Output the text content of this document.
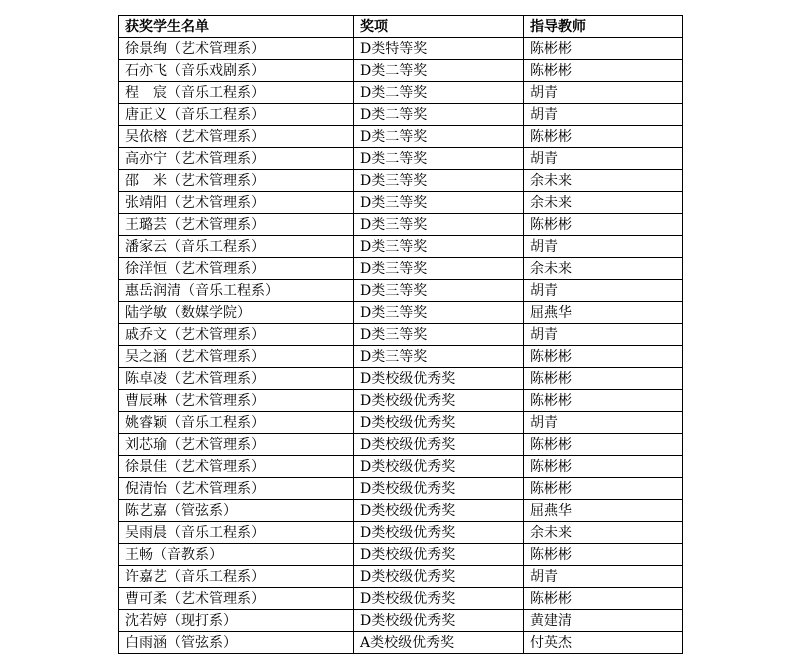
获奖学生名单	奖项	指导教师
徐景绚（艺术管理系）	D类特等奖	陈彬彬
石亦飞（音乐戏剧系）	D类二等奖	陈彬彬
程　宸（音乐工程系）	D类二等奖	胡青
唐正义（音乐工程系）	D类二等奖	胡青
吴依榕（艺术管理系）	D类二等奖	陈彬彬
高亦宁（艺术管理系）	D类二等奖	胡青
邵　米（艺术管理系）	D类三等奖	余未来
张靖阳（艺术管理系）	D类三等奖	余未来
王璐芸（艺术管理系）	D类三等奖	陈彬彬
潘家云（音乐工程系）	D类三等奖	胡青
徐洋恒（艺术管理系）	D类三等奖	余未来
惠岳润清（音乐工程系）	D类三等奖	胡青
陆学敏（数媒学院）	D类三等奖	屈燕华
戚乔文（艺术管理系）	D类三等奖	胡青
吴之涵（艺术管理系）	D类三等奖	陈彬彬
陈卓凌（艺术管理系）	D类校级优秀奖	陈彬彬
曹辰琳（艺术管理系）	D类校级优秀奖	陈彬彬
姚睿颖（音乐工程系）	D类校级优秀奖	胡青
刘芯瑜（艺术管理系）	D类校级优秀奖	陈彬彬
徐景佳（艺术管理系）	D类校级优秀奖	陈彬彬
倪清怡（艺术管理系）	D类校级优秀奖	陈彬彬
陈艺嘉（管弦系）	D类校级优秀奖	屈燕华
吴雨晨（音乐工程系）	D类校级优秀奖	余未来
王畅（音教系）	D类校级优秀奖	陈彬彬
许嘉艺（音乐工程系）	D类校级优秀奖	胡青
曹可柔（艺术管理系）	D类校级优秀奖	陈彬彬
沈若婷（现打系）	D类校级优秀奖	黄建清
白雨涵（管弦系）	A类校级优秀奖	付英杰
